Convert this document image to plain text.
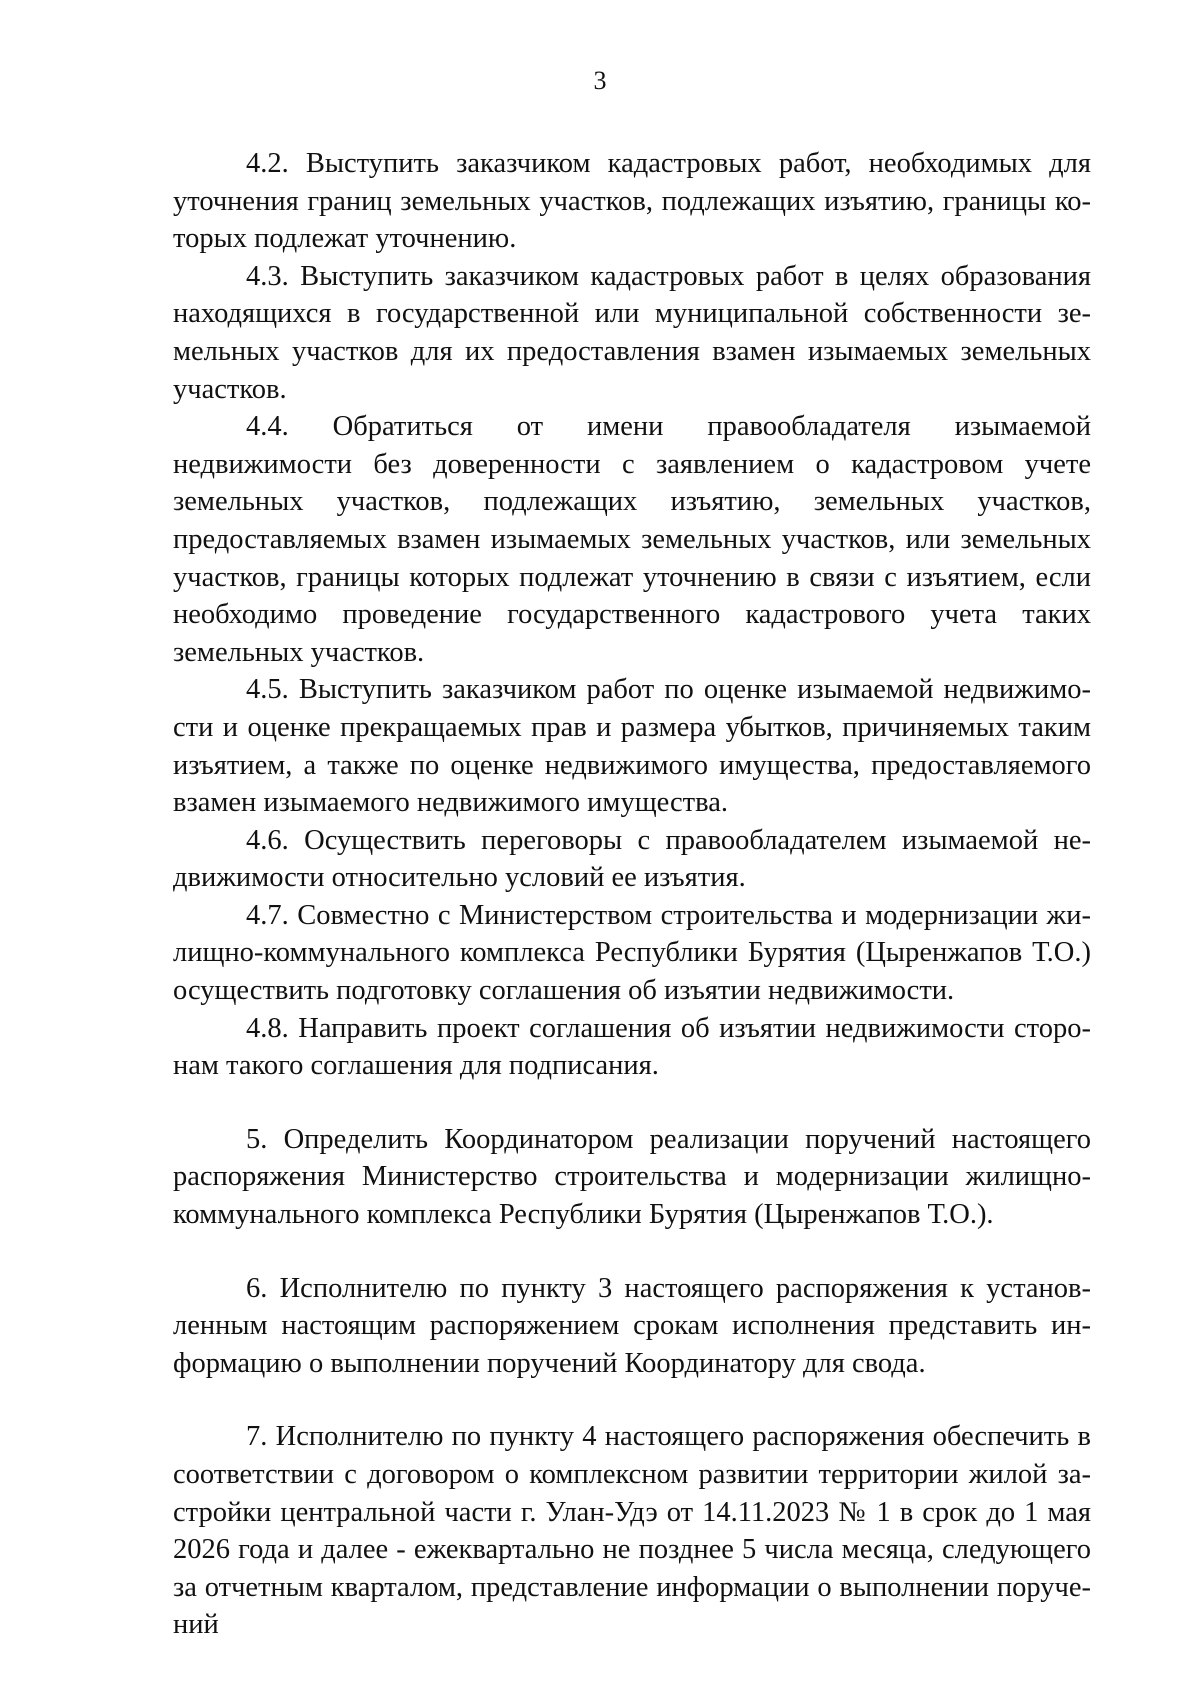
3

4.2. Выступить заказчиком кадастровых работ, необходимых для уточнения границ земельных участков, подлежащих изъятию, границы которых подлежат уточнению.

4.3. Выступить заказчиком кадастровых работ в целях образования находящихся в государственной или муниципальной собственности земельных участков для их предоставления взамен изымаемых земельных участков.

4.4. Обратиться от имени правообладателя изымаемой недвижимости без доверенности с заявлением о кадастровом учете земельных участков, подлежащих изъятию, земельных участков, предоставляемых взамен изымаемых земельных участков, или земельных участков, границы которых подлежат уточнению в связи с изъятием, если необходимо проведение государственного кадастрового учета таких земельных участков.

4.5. Выступить заказчиком работ по оценке изымаемой недвижимости и оценке прекращаемых прав и размера убытков, причиняемых таким изъятием, а также по оценке недвижимого имущества, предоставляемого взамен изымаемого недвижимого имущества.

4.6. Осуществить переговоры с правообладателем изымаемой недвижимости относительно условий ее изъятия.

4.7. Совместно с Министерством строительства и модернизации жилищно-коммунального комплекса Республики Бурятия (Цыренжапов Т.О.) осуществить подготовку соглашения об изъятии недвижимости.

4.8. Направить проект соглашения об изъятии недвижимости сторонам такого соглашения для подписания.

5. Определить Координатором реализации поручений настоящего распоряжения Министерство строительства и модернизации жилищно-коммунального комплекса Республики Бурятия (Цыренжапов Т.О.).

6. Исполнителю по пункту 3 настоящего распоряжения к установленным настоящим распоряжением срокам исполнения представить информацию о выполнении поручений Координатору для свода.

7. Исполнителю по пункту 4 настоящего распоряжения обеспечить в соответствии с договором о комплексном развитии территории жилой застройки центральной части г. Улан-Удэ от 14.11.2023 № 1 в срок до 1 мая 2026 года и далее - ежеквартально не позднее 5 числа месяца, следующего за отчетным кварталом, представление информации о выполнении поручений
